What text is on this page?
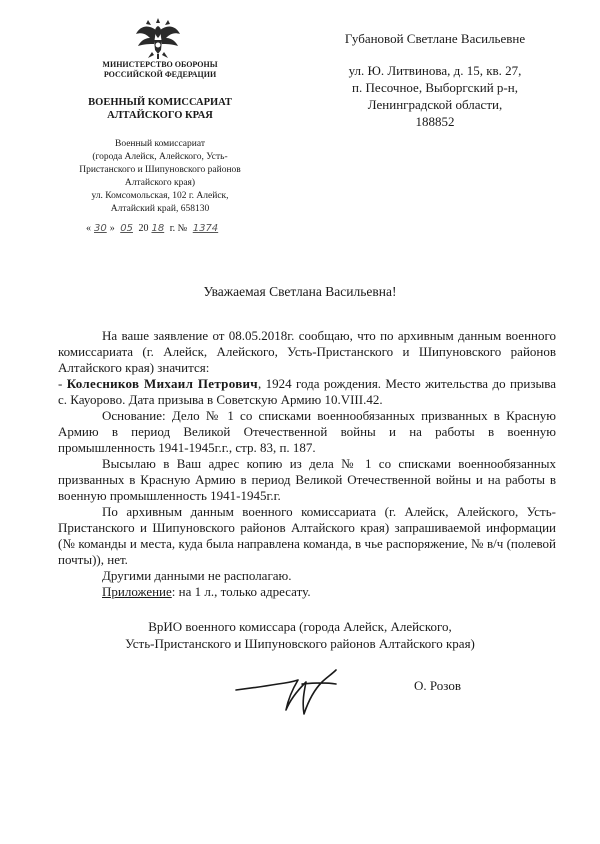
МИНИСТЕРСТВО ОБОРОНЫ
РОССИЙСКОЙ ФЕДЕРАЦИИ
ВОЕННЫЙ КОМИССАРИАТ
АЛТАЙСКОГО КРАЯ
Военный комиссариат
(города Алейск, Алейского, Усть-
Пристанского и Шипуновского районов
Алтайского края)
ул. Комсомольская, 102 г. Алейск,
Алтайский край, 658130
« 30 » 05 20 18 г. № 1374
Губановой Светлане Васильевне
ул. Ю. Литвинова, д. 15, кв. 27,
п. Песочное, Выборгский р-н,
Ленинградской области,
188852
Уважаемая Светлана Васильевна!

На ваше заявление от 08.05.2018г. сообщаю, что по архивным данным военного комиссариата (г. Алейск, Алейского, Усть-Пристанского и Шипуновского районов Алтайского края) значится:

- Колесников Михаил Петрович, 1924 года рождения. Место жительства до призыва с. Кауорово. Дата призыва в Советскую Армию 10.VIII.42.

Основание: Дело № 1 со списками военнообязанных призванных в Красную Армию в период Великой Отечественной войны и на работы в военную промышленность 1941-1945г.г., стр. 83, п. 187.

Высылаю в Ваш адрес копию из дела № 1 со списками военнообязанных призванных в Красную Армию в период Великой Отечественной войны и на работы в военную промышленность 1941-1945г.г.

По архивным данным военного комиссариата (г. Алейск, Алейского, Усть-Пристанского и Шипуновского районов Алтайского края) запрашиваемой информации (№ команды и места, куда была направлена команда, в чье распоряжение, № в/ч (полевой почты)), нет.

Другими данными не располагаю.

Приложение: на 1 л., только адресату.

ВрИО военного комиссара (города Алейск, Алейского,
Усть-Пристанского и Шипуновского районов Алтайского края)
О. Розов
